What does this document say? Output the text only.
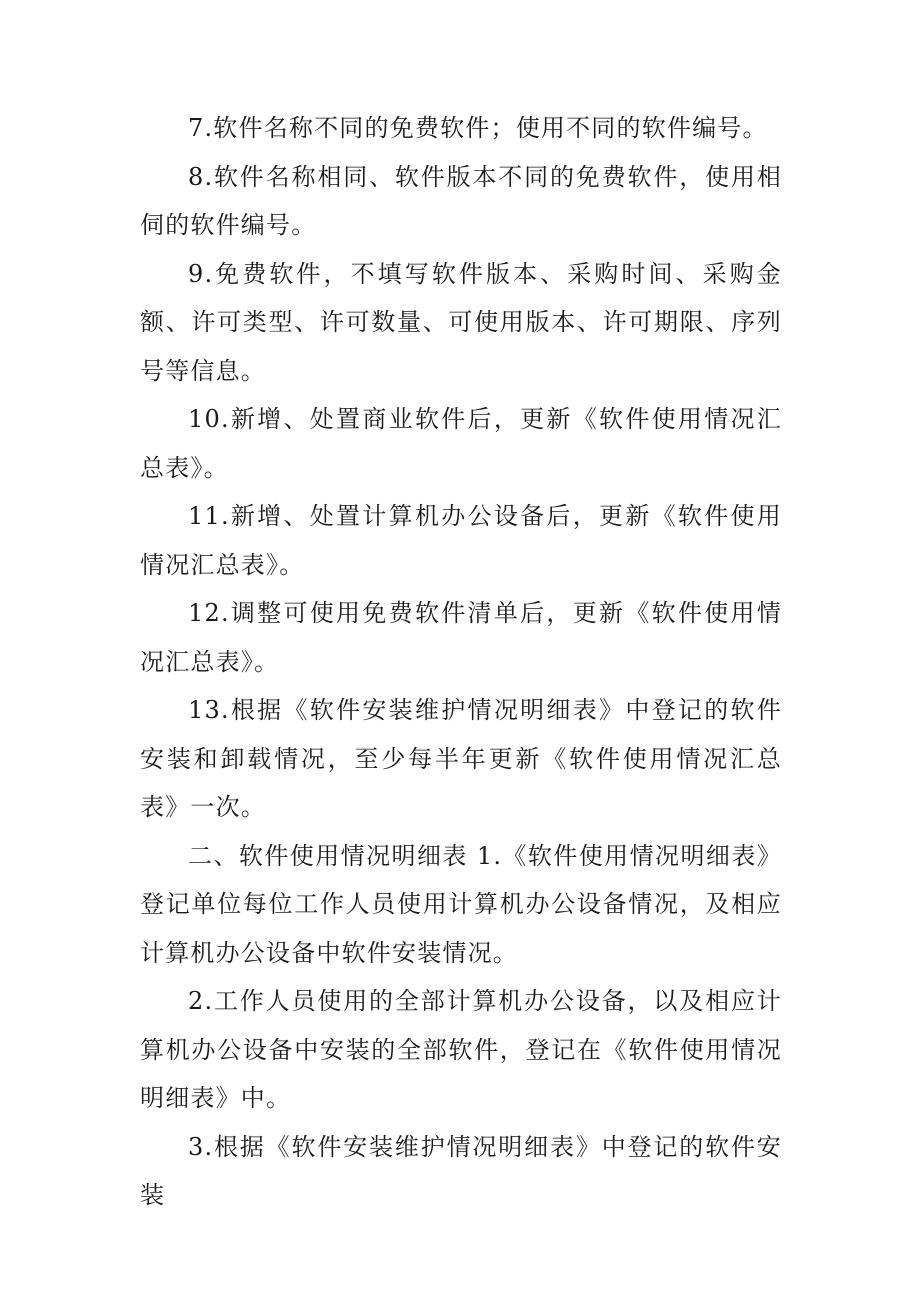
7.软件名称不同的免费软件；使用不同的软件编号。

8.软件名称相同、软件版本不同的免费软件，使用相伺的软件编号。

9.免费软件，不填写软件版本、采购时间、采购金额、许可类型、许可数量、可使用版本、许可期限、序列号等信息。

10.新增、处置商业软件后，更新《软件使用情况汇总表》。

11.新增、处置计算机办公设备后，更新《软件使用情况汇总表》。

12.调整可使用免费软件清单后，更新《软件使用情况汇总表》。

13.根据《软件安装维护情况明细表》中登记的软件安装和卸载情况，至少每半年更新《软件使用情况汇总表》一次。

二、软件使用情况明细表 1.《软件使用情况明细表》登记单位每位工作人员使用计算机办公设备情况，及相应计算机办公设备中软件安装情况。

2.工作人员使用的全部计算机办公设备，以及相应计算机办公设备中安装的全部软件，登记在《软件使用情况明细表》中。

3.根据《软件安装维护情况明细表》中登记的软件安装
